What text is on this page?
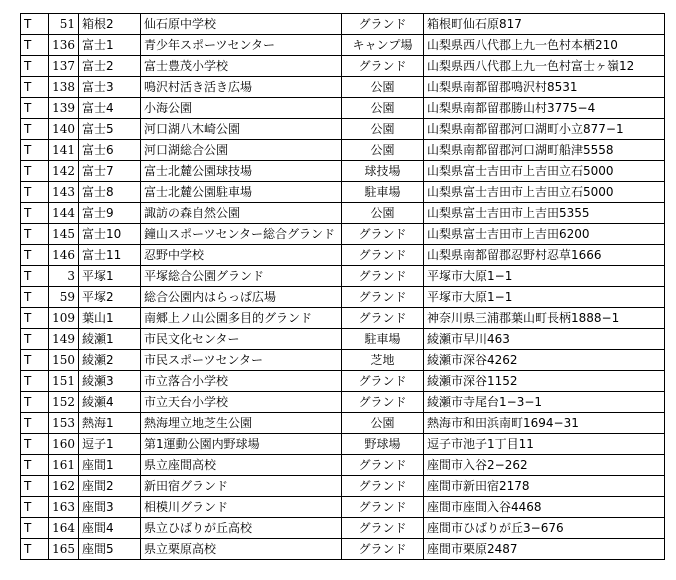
T	51	箱根2	仙石原中学校	グランド	箱根町仙石原817
T	136	富士1	青少年スポーツセンター	キャンプ場	山梨県西八代郡上九一色村本栖210
T	137	富士2	富士豊茂小学校	グランド	山梨県西八代郡上九一色村富士ヶ嶺12
T	138	富士3	鳴沢村活き活き広場	公園	山梨県南都留郡鳴沢村8531
T	139	富士4	小海公園	公園	山梨県南都留郡勝山村3775−4
T	140	富士5	河口湖八木崎公園	公園	山梨県南都留郡河口湖町小立877−1
T	141	富士6	河口湖総合公園	公園	山梨県南都留郡河口湖町船津5558
T	142	富士7	富士北麓公園球技場	球技場	山梨県富士吉田市上吉田立石5000
T	143	富士8	富士北麓公園駐車場	駐車場	山梨県富士吉田市上吉田立石5000
T	144	富士9	諏訪の森自然公園	公園	山梨県富士吉田市上吉田5355
T	145	富士10	鐘山スポーツセンター総合グランド	グランド	山梨県富士吉田市上吉田6200
T	146	富士11	忍野中学校	グランド	山梨県南都留郡忍野村忍草1666
T	3	平塚1	平塚総合公園グランド	グランド	平塚市大原1−1
T	59	平塚2	総合公園内はらっぱ広場	グランド	平塚市大原1−1
T	109	葉山1	南郷上ノ山公園多目的グランド	グランド	神奈川県三浦郡葉山町長柄1888−1
T	149	綾瀬1	市民文化センター	駐車場	綾瀬市早川463
T	150	綾瀬2	市民スポーツセンター	芝地	綾瀬市深谷4262
T	151	綾瀬3	市立落合小学校	グランド	綾瀬市深谷1152
T	152	綾瀬4	市立天台小学校	グランド	綾瀬市寺尾台1−3−1
T	153	熱海1	熱海埋立地芝生公園	公園	熱海市和田浜南町1694−31
T	160	逗子1	第1運動公園内野球場	野球場	逗子市池子1丁目11
T	161	座間1	県立座間高校	グランド	座間市入谷2−262
T	162	座間2	新田宿グランド	グランド	座間市新田宿2178
T	163	座間3	相模川グランド	グランド	座間市座間入谷4468
T	164	座間4	県立ひばりが丘高校	グランド	座間市ひばりが丘3−676
T	165	座間5	県立栗原高校	グランド	座間市栗原2487
